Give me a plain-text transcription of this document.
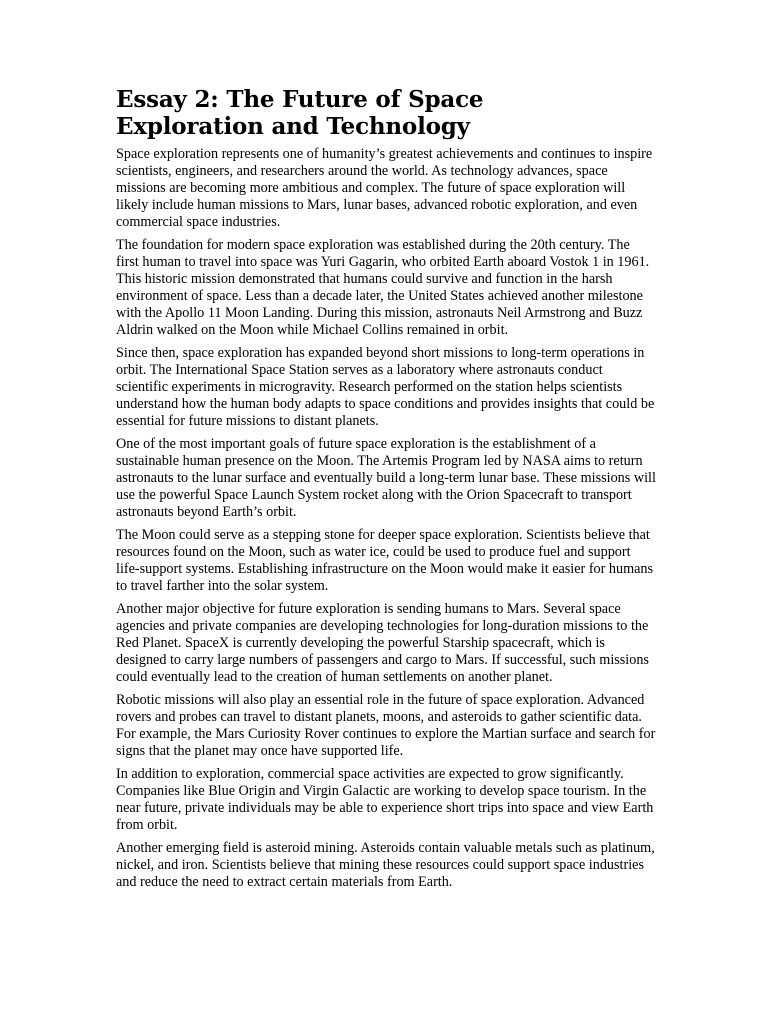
Essay 2: The Future of Space
Exploration and Technology

Space exploration represents one of humanity’s greatest achievements and continues to inspire scientists, engineers, and researchers around the world. As technology advances, space missions are becoming more ambitious and complex. The future of space exploration will likely include human missions to Mars, lunar bases, advanced robotic exploration, and even commercial space industries.

The foundation for modern space exploration was established during the 20th century. The first human to travel into space was Yuri Gagarin, who orbited Earth aboard Vostok 1 in 1961. This historic mission demonstrated that humans could survive and function in the harsh environment of space. Less than a decade later, the United States achieved another milestone with the Apollo 11 Moon Landing. During this mission, astronauts Neil Armstrong and Buzz Aldrin walked on the Moon while Michael Collins remained in orbit.

Since then, space exploration has expanded beyond short missions to long-term operations in orbit. The International Space Station serves as a laboratory where astronauts conduct scientific experiments in microgravity. Research performed on the station helps scientists understand how the human body adapts to space conditions and provides insights that could be essential for future missions to distant planets.

One of the most important goals of future space exploration is the establishment of a sustainable human presence on the Moon. The Artemis Program led by NASA aims to return astronauts to the lunar surface and eventually build a long-term lunar base. These missions will use the powerful Space Launch System rocket along with the Orion Spacecraft to transport astronauts beyond Earth’s orbit.

The Moon could serve as a stepping stone for deeper space exploration. Scientists believe that resources found on the Moon, such as water ice, could be used to produce fuel and support life-support systems. Establishing infrastructure on the Moon would make it easier for humans to travel farther into the solar system.

Another major objective for future exploration is sending humans to Mars. Several space agencies and private companies are developing technologies for long-duration missions to the Red Planet. SpaceX is currently developing the powerful Starship spacecraft, which is designed to carry large numbers of passengers and cargo to Mars. If successful, such missions could eventually lead to the creation of human settlements on another planet.

Robotic missions will also play an essential role in the future of space exploration. Advanced rovers and probes can travel to distant planets, moons, and asteroids to gather scientific data. For example, the Mars Curiosity Rover continues to explore the Martian surface and search for signs that the planet may once have supported life.

In addition to exploration, commercial space activities are expected to grow significantly. Companies like Blue Origin and Virgin Galactic are working to develop space tourism. In the near future, private individuals may be able to experience short trips into space and view Earth from orbit.

Another emerging field is asteroid mining. Asteroids contain valuable metals such as platinum, nickel, and iron. Scientists believe that mining these resources could support space industries and reduce the need to extract certain materials from Earth.
